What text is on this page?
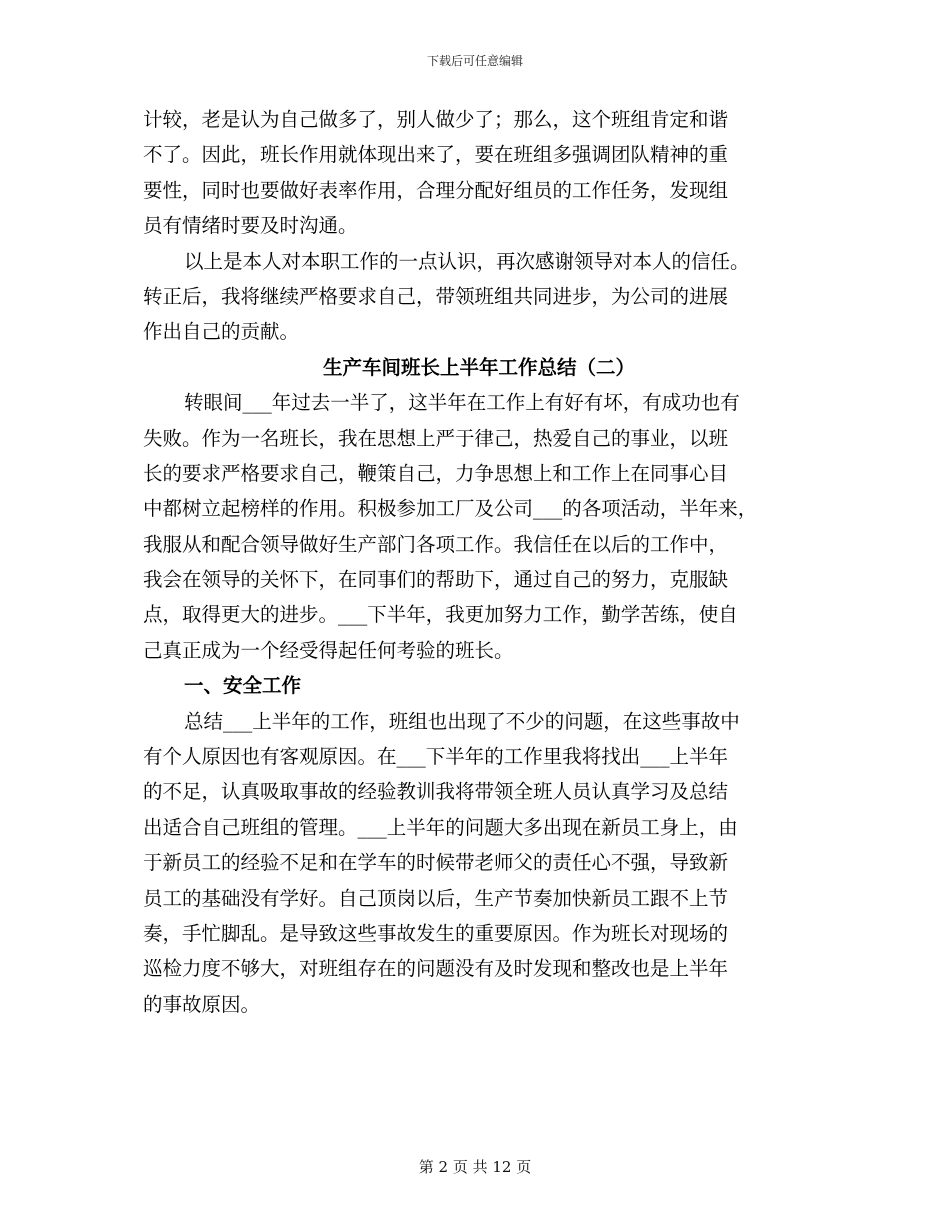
下载后可任意编辑
计较，老是认为自己做多了，别人做少了；那么，这个班组肯定和谐
不了。因此，班长作用就体现出来了，要在班组多强调团队精神的重
要性，同时也要做好表率作用，合理分配好组员的工作任务，发现组
员有情绪时要及时沟通。
以上是本人对本职工作的一点认识，再次感谢领导对本人的信任。
转正后，我将继续严格要求自己，带领班组共同进步，为公司的进展
作出自己的贡献。
生产车间班长上半年工作总结（二）
转眼间___年过去一半了，这半年在工作上有好有坏，有成功也有
失败。作为一名班长，我在思想上严于律己，热爱自己的事业，以班
长的要求严格要求自己，鞭策自己，力争思想上和工作上在同事心目
中都树立起榜样的作用。积极参加工厂及公司___的各项活动，半年来，
我服从和配合领导做好生产部门各项工作。我信任在以后的工作中，
我会在领导的关怀下，在同事们的帮助下，通过自己的努力，克服缺
点，取得更大的进步。___下半年，我更加努力工作，勤学苦练，使自
己真正成为一个经受得起任何考验的班长。
一、安全工作
总结___上半年的工作，班组也出现了不少的问题，在这些事故中
有个人原因也有客观原因。在___下半年的工作里我将找出___上半年
的不足，认真吸取事故的经验教训我将带领全班人员认真学习及总结
出适合自己班组的管理。___上半年的问题大多出现在新员工身上，由
于新员工的经验不足和在学车的时候带老师父的责任心不强，导致新
员工的基础没有学好。自己顶岗以后，生产节奏加快新员工跟不上节
奏，手忙脚乱。是导致这些事故发生的重要原因。作为班长对现场的
巡检力度不够大，对班组存在的问题没有及时发现和整改也是上半年
的事故原因。
第 2 页 共 12 页
